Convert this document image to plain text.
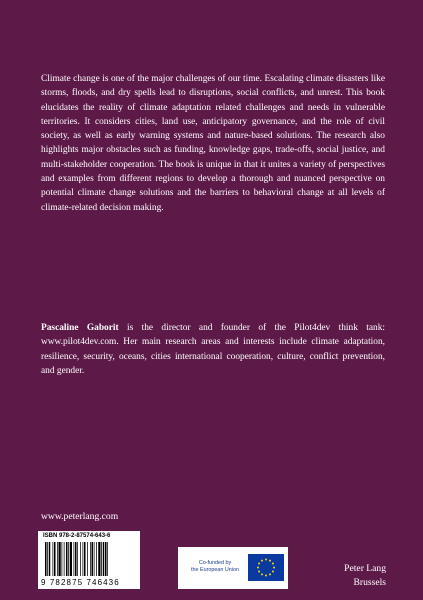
Climate change is one of the major challenges of our time. Escalating climate disasters like storms, floods, and dry spells lead to disruptions, social conflicts, and unrest. This book elucidates the reality of climate adaptation related challenges and needs in vulnerable territories. It considers cities, land use, anticipatory governance, and the role of civil society, as well as early warning systems and nature-based solutions. The research also highlights major obstacles such as funding, knowledge gaps, trade-offs, social justice, and multi-stakeholder cooperation. The book is unique in that it unites a variety of perspectives and examples from different regions to develop a thorough and nuanced perspective on potential climate change solutions and the barriers to behavioral change at all levels of climate-related decision making.

Pascaline Gaborit is the director and founder of the Pilot4dev think tank: www.pilot4dev.com. Her main research areas and interests include climate adaptation, resilience, security, oceans, cities international cooperation, culture, conflict prevention, and gender.

www.peterlang.com
ISBN 978-2-87574-643-6
9 782875 746436
Co-funded by
the European Union	Peter Lang
Brussels
